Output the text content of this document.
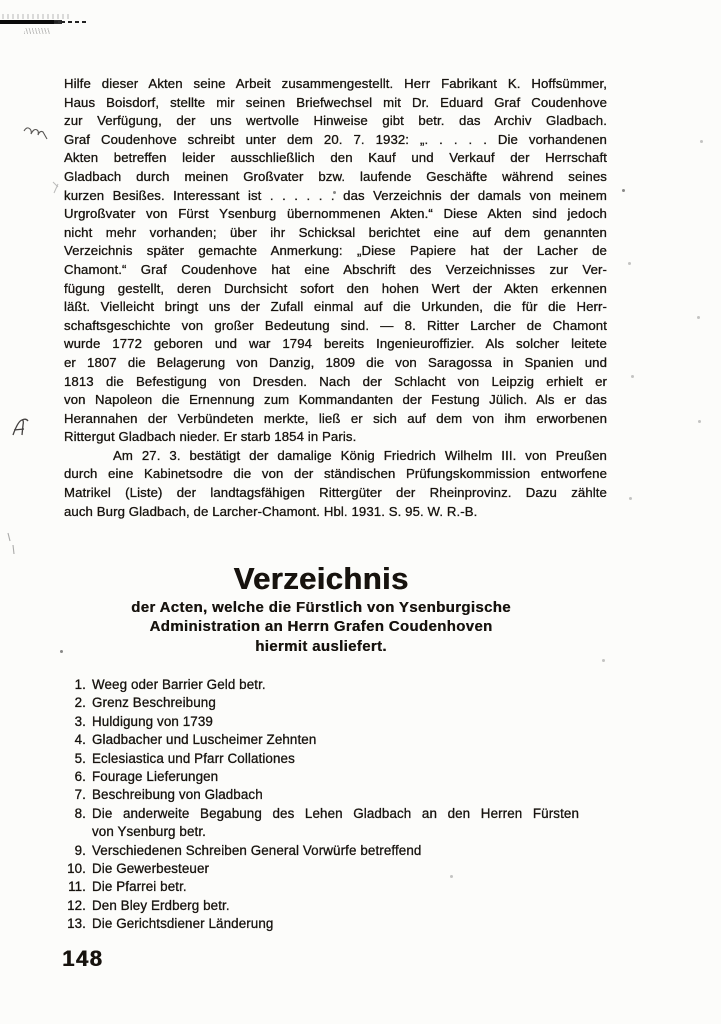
Hilfe dieser Akten seine Arbeit zusammengestellt. Herr Fabrikant K. Hoffsümmer,
Haus Boisdorf, stellte mir seinen Briefwechsel mit Dr. Eduard Graf Coudenhove
zur Verfügung, der uns wertvolle Hinweise gibt betr. das Archiv Gladbach.
Graf Coudenhove schreibt unter dem 20. 7. 1932: „. . . . . Die vorhandenen
Akten betreffen leider ausschließlich den Kauf und Verkauf der Herrschaft
Gladbach durch meinen Großvater bzw. laufende Geschäfte während seines
kurzen Besißes. Interessant ist . . . . . . das Verzeichnis der damals von meinem
Urgroßvater von Fürst Ysenburg übernommenen Akten.“ Diese Akten sind jedoch
nicht mehr vorhanden; über ihr Schicksal berichtet eine auf dem genannten
Verzeichnis später gemachte Anmerkung: „Diese Papiere hat der Lacher de
Chamont.“ Graf Coudenhove hat eine Abschrift des Verzeichnisses zur Ver-
fügung gestellt, deren Durchsicht sofort den hohen Wert der Akten erkennen
läßt. Vielleicht bringt uns der Zufall einmal auf die Urkunden, die für die Herr-
schaftsgeschichte von großer Bedeutung sind. — 8. Ritter Larcher de Chamont
wurde 1772 geboren und war 1794 bereits Ingenieuroffizier. Als solcher leitete
er 1807 die Belagerung von Danzig, 1809 die von Saragossa in Spanien und
1813 die Befestigung von Dresden. Nach der Schlacht von Leipzig erhielt er
von Napoleon die Ernennung zum Kommandanten der Festung Jülich. Als er das
Herannahen der Verbündeten merkte, ließ er sich auf dem von ihm erworbenen
Rittergut Gladbach nieder. Er starb 1854 in Paris.
Am 27. 3. bestätigt der damalige König Friedrich Wilhelm III. von Preußen
durch eine Kabinetsodre die von der ständischen Prüfungskommission entworfene
Matrikel (Liste) der landtagsfähigen Rittergüter der Rheinprovinz. Dazu zählte
auch Burg Gladbach, de Larcher-Chamont. Hbl. 1931. S. 95. W. R.-B.
Verzeichnis
der Acten, welche die Fürstlich von Ysenburgische
Administration an Herrn Grafen Coudenhoven
hiermit ausliefert.
1. Weeg oder Barrier Geld betr.
2. Grenz Beschreibung
3. Huldigung von 1739
4. Gladbacher und Luscheimer Zehnten
5. Eclesiastica und Pfarr Collationes
6. Fourage Lieferungen
7. Beschreibung von Gladbach
8. Die anderweite Begabung des Lehen Gladbach an den Herren Fürsten
von Ysenburg betr.
9. Verschiedenen Schreiben General Vorwürfe betreffend
10. Die Gewerbesteuer
11. Die Pfarrei betr.
12. Den Bley Erdberg betr.
13. Die Gerichtsdiener Länderung
148
